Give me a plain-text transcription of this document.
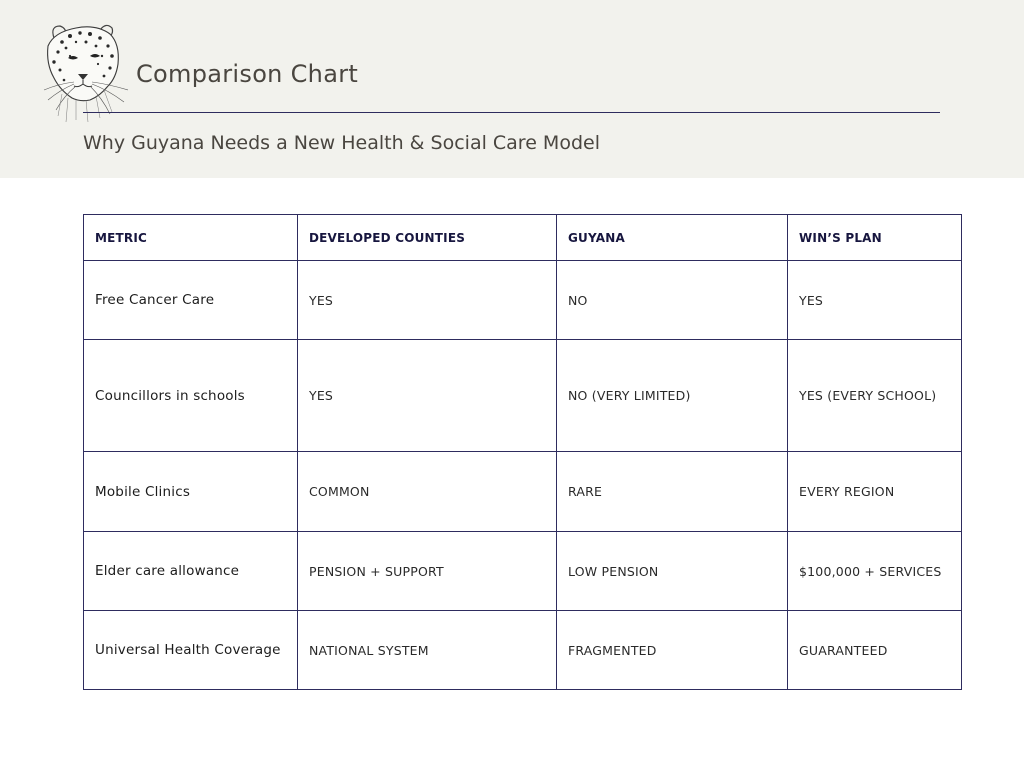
Comparison Chart
Why Guyana Needs a New Health & Social Care Model
METRIC	DEVELOPED COUNTIES	GUYANA	WIN’S PLAN
Free Cancer Care	YES	NO	YES
Councillors in schools	YES	NO (VERY LIMITED)	YES (EVERY SCHOOL)
Mobile Clinics	COMMON	RARE	EVERY REGION
Elder care allowance	PENSION + SUPPORT	LOW PENSION	$100,000 + SERVICES
Universal Health Coverage	NATIONAL SYSTEM	FRAGMENTED	GUARANTEED
